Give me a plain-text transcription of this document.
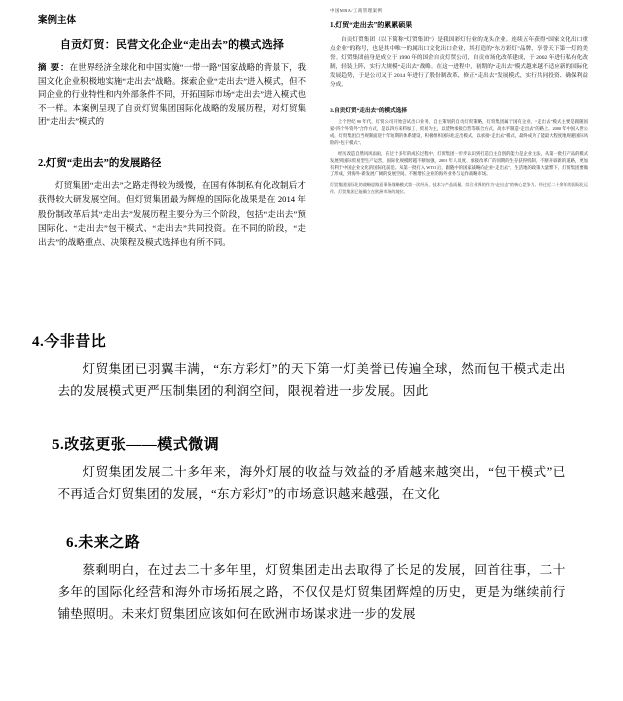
案例主体
自贡灯贸：民营文化企业“走出去”的模式选择

摘 要：在世界经济全球化和中国实施“一带一路”国家战略的背景下，我国文化企业积极地实施“走出去”战略。探索企业“走出去”进入模式，但不同企业的行业特性和内外部条件不同，开拓国际市场“走出去”进入模式也不一样。本案例呈现了自贡灯贸集团国际化战略的发展历程，对灯贸集团“走出去”模式的

2.灯贸“走出去”的发展路径

灯贸集团“走出去”之路走得较为缓慢，在国有体制私有化改制后才获得较大研发展空间。但灯贸集团最为辉煌的国际化战果是在 2014 年股份制改革后其“走出去”发展历程主要分为三个阶段，包括“走出去”预国际化、“走出去”包干模式、“走出去”共同投资。在不同的阶段，“走出去”的战略重点、决策程及模式选择也有所不同。

中国MBA/工商管理案例
1.灯贸“走出去”的累累硕果

自贡灯贸集团（以下简称“灯贸集团”）是我国彩灯行业的龙头企业。连续五年获得“国家文化出口重点企业”的称号，也是其中唯一的属出口文化出口企业，其打造的“东方彩灯”品牌，享誉天下第一灯的美誉。灯贸集团前身是成立于 1990 年的国企自贡灯贸公司，自贡市场化改革建成，于 2002 年进行私有化改制，轻装上阵，实行大规模“走出去”战略。在这一进程中，初期的“走出去”模式越来越不适应新的国际化发展趋势，于是公司又于 2014 年进行了股份制改革，修正“走出去”发展模式，实行共同投资、确保利益分成。

3.自贡灯贸“走出去”的模式选择

上个世纪 90 年代，灯贸公司开始尝试出口业务，自主策划的自贡灯贸策略，灯贸集团属于国有企业，“走出去”模式主要是跟随国家“四个外资外”合作方式，是以四方来料加工、贸易为主，以货物承接自营等联合方式，高水平制造“走出去”的路上。2000 年中国入世公成，灯贸集团自当规制面迎十年短期的体系建设，积极组织国际化走出模式，以承接“走出去”模式，最终成为了能最大程度地规避国际风险的“包干模式”。

经历改造自然风风雨雨，在过十多年的成长过程中，灯贸集团一步步认识到打造自主自创的能力是企业主法，从第一批打产品的模式发展到国际贸易型生产运营，国际化规模跨越不断加强，2001 年人员度、承接改革广的同期的生存获得机制，不断开辟新的道路，更加有利于中国企业文化的国际化前沿。从第一批打入 WTO 后，跟随中的国家战略向企业“走出去”，生活地的政策大量繁下，灯贸集团要做了形成，到海外-新发展广阔的发展空间。不断增长企业的海外业务与运作战略市场。

灯贸集团国际化的战略思路意事务战略模式第一次经历，技术与产品质量，综合业界的作为“走出去”的核心竞争力。经过近二十余年的国际化运作，灯贸集团已能确立在欧洲市场的地位。

4.今非昔比

灯贸集团已羽翼丰满，“东方彩灯”的天下第一灯美誉已传遍全球，然而包干模式走出去的发展模式更严压制集团的利润空间，限视着进一步发展。因此

5.改弦更张——模式微调

灯贸集团发展二十多年来，海外灯展的收益与效益的矛盾越来越突出，“包干模式”已不再适合灯贸集团的发展，“东方彩灯”的市场意识越来越强，在文化

6.未来之路

蔡剩明白，在过去二十多年里，灯贸集团走出去取得了长足的发展，回首往事，二十多年的国际化经营和海外市场拓展之路，不仅仅是灯贸集团辉煌的历史，更是为继续前行铺垫照明。未来灯贸集团应该如何在欧洲市场谋求进一步的发展
